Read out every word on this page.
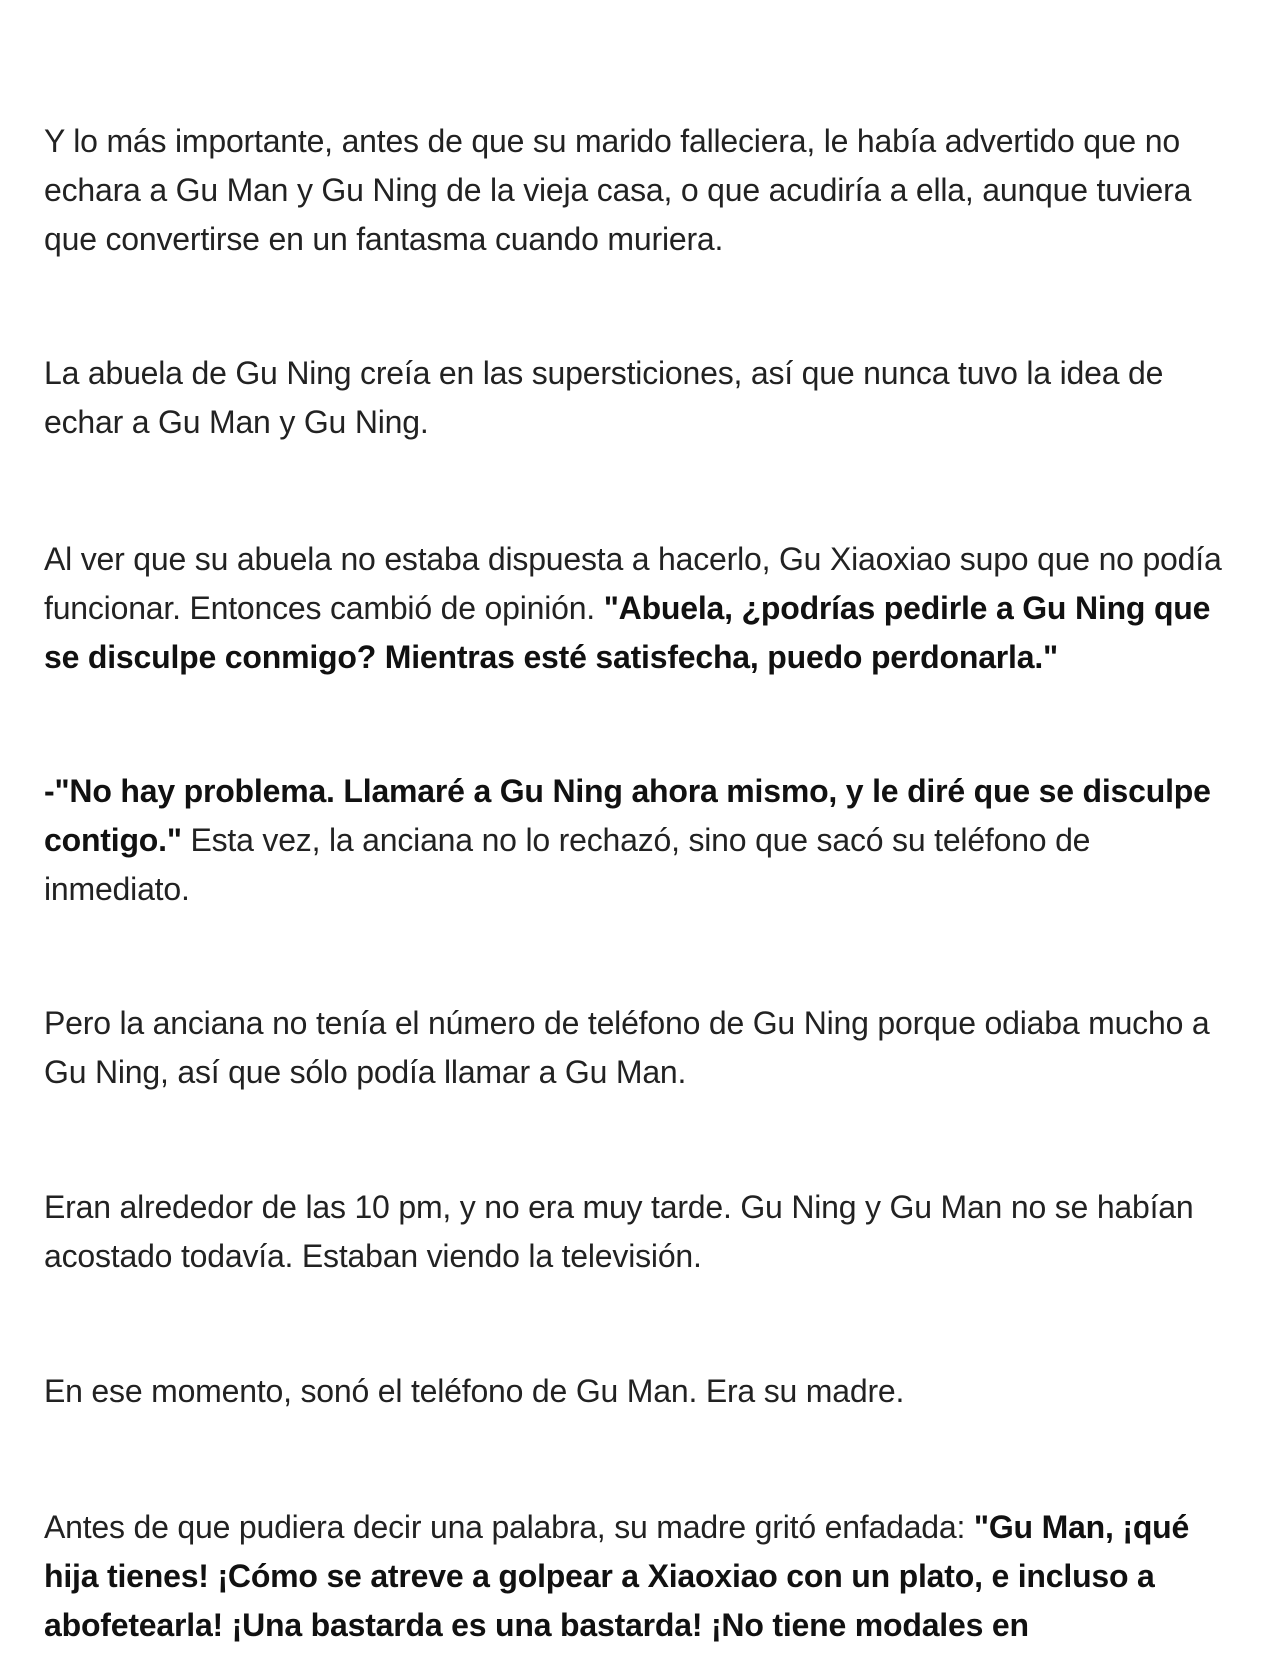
Y lo más importante, antes de que su marido falleciera, le había advertido que no echara a Gu Man y Gu Ning de la vieja casa, o que acudiría a ella, aunque tuviera que convertirse en un fantasma cuando muriera.

La abuela de Gu Ning creía en las supersticiones, así que nunca tuvo la idea de echar a Gu Man y Gu Ning.

Al ver que su abuela no estaba dispuesta a hacerlo, Gu Xiaoxiao supo que no podía funcionar. Entonces cambió de opinión. "Abuela, ¿podrías pedirle a Gu Ning que se disculpe conmigo? Mientras esté satisfecha, puedo perdonarla."

-"No hay problema. Llamaré a Gu Ning ahora mismo, y le diré que se disculpe contigo." Esta vez, la anciana no lo rechazó, sino que sacó su teléfono de inmediato.

Pero la anciana no tenía el número de teléfono de Gu Ning porque odiaba mucho a Gu Ning, así que sólo podía llamar a Gu Man.

Eran alrededor de las 10 pm, y no era muy tarde. Gu Ning y Gu Man no se habían acostado todavía. Estaban viendo la televisión.

En ese momento, sonó el teléfono de Gu Man. Era su madre.

Antes de que pudiera decir una palabra, su madre gritó enfadada: "Gu Man, ¡qué hija tienes! ¡Cómo se atreve a golpear a Xiaoxiao con un plato, e incluso a abofetearla! ¡Una bastarda es una bastarda! ¡No tiene modales en
